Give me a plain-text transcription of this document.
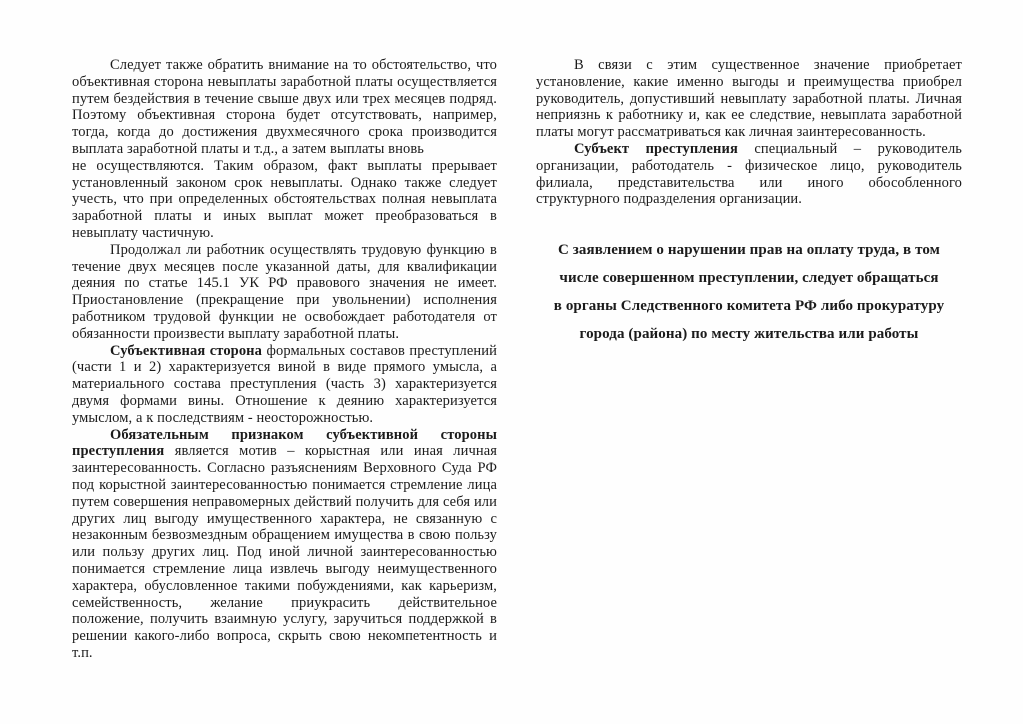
Следует также обратить внимание на то обстоятельство, что объективная сторона невыплаты заработной платы осуществляется путем бездействия в течение свыше двух или трех месяцев подряд. Поэтому объективная сторона будет отсутствовать, например, тогда, когда до достижения двухмесячного срока производится выплата заработной платы и т.д., а затем выплаты вновь

не осуществляются. Таким образом, факт выплаты прерывает установленный законом срок невыплаты. Однако также следует учесть, что при определенных обстоятельствах полная невыплата заработной платы и иных выплат может преобразоваться в невыплату частичную.

Продолжал ли работник осуществлять трудовую функцию в течение двух месяцев после указанной даты, для квалификации деяния по статье 145.1 УК РФ правового значения не имеет. Приостановление (прекращение при увольнении) исполнения работником трудовой функции не освобождает работодателя от обязанности произвести выплату заработной платы.

Субъективная сторона формальных составов преступлений (части 1 и 2) характеризуется виной в виде прямого умысла, а материального состава преступления (часть 3) характеризуется двумя формами вины. Отношение к деянию характеризуется умыслом, а к последствиям - неосторожностью.

Обязательным признаком субъективной стороны преступления является мотив – корыстная или иная личная заинтересованность. Согласно разъяснениям Верховного Суда РФ под корыстной заинтересованностью понимается стремление лица путем совершения неправомерных действий получить для себя или других лиц выгоду имущественного характера, не связанную с незаконным безвозмездным обращением имущества в свою пользу или пользу других лиц. Под иной личной заинтересованностью понимается стремление лица извлечь выгоду неимущественного характера, обусловленное такими побуждениями, как карьеризм, семейственность, желание приукрасить действительное положение, получить взаимную услугу, заручиться поддержкой в решении какого-либо вопроса, скрыть свою некомпетентность и т.п.

В связи с этим существенное значение приобретает установление, какие именно выгоды и преимущества приобрел руководитель, допустивший невыплату заработной платы. Личная неприязнь к работнику и, как ее следствие, невыплата заработной платы могут рассматриваться как личная заинтересованность.

Субъект преступления специальный – руководитель организации, работодатель - физическое лицо, руководитель филиала, представительства или иного обособленного структурного подразделения организации.

С заявлением о нарушении прав на оплату труда, в том
числе совершенном преступлении, следует обращаться
в органы Следственного комитета РФ либо прокуратуру
города (района) по месту жительства или работы
